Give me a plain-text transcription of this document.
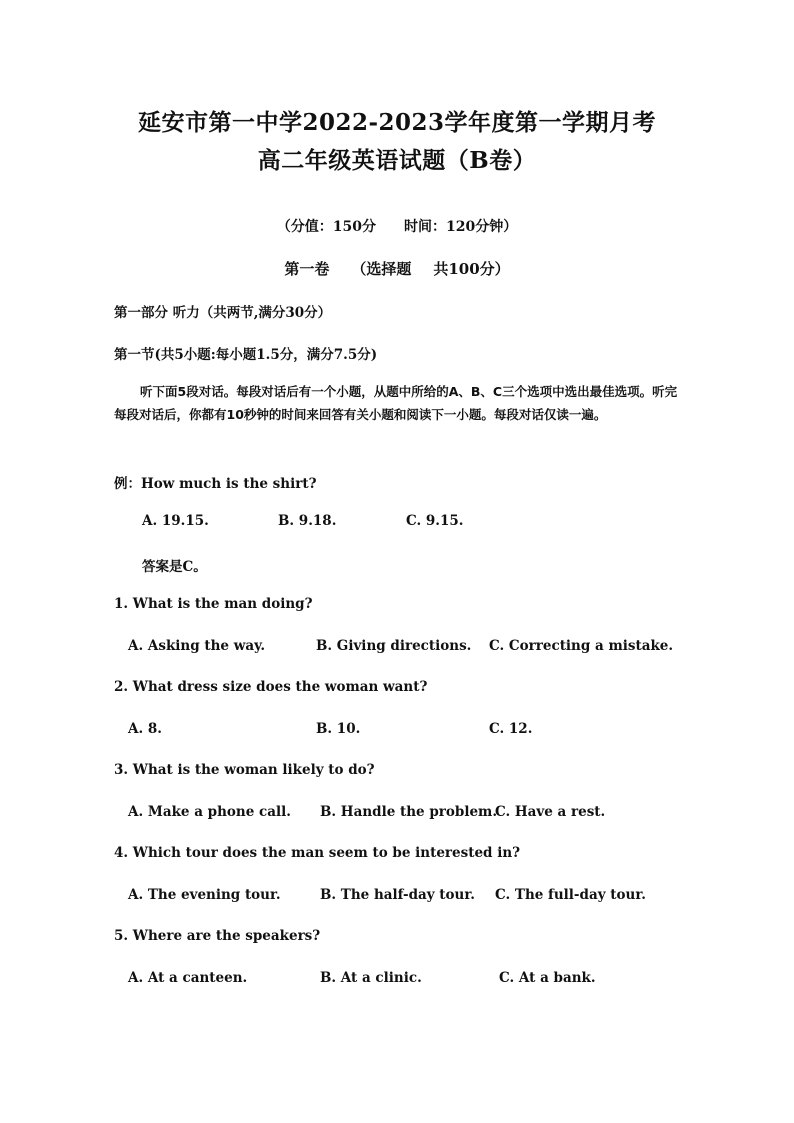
延安市第一中学2022-2023学年度第一学期月考
高二年级英语试题（B卷）
（分值：150分 时间：120分钟）
第一卷 （选择题 共100分）
第一部分 听力（共两节,满分30分）
第一节(共5小题:每小题1.5分，满分7.5分)
听下面5段对话。每段对话后有一个小题，从题中所给的A、B、C三个选项中选出最佳选项。听完每段对话后，你都有10秒钟的时间来回答有关小题和阅读下一小题。每段对话仅读一遍。
例：How much is the shirt?
A. 19.15.	B. 9.18.	C. 9.15.
答案是C。
1. What is the man doing?
A. Asking the way.	B. Giving directions. C. Correcting a mistake.
2. What dress size does the woman want?
A. 8.	B. 10.	C. 12.
3. What is the woman likely to do?
A. Make a phone call. B. Handle the problem.
C. Have a rest.
4. Which tour does the man seem to be interested in?
A. The evening tour.	B. The half-day tour. C. The full-day tour.
5. Where are the speakers?
A. At a canteen.	B. At a clinic.	C. At a bank.
